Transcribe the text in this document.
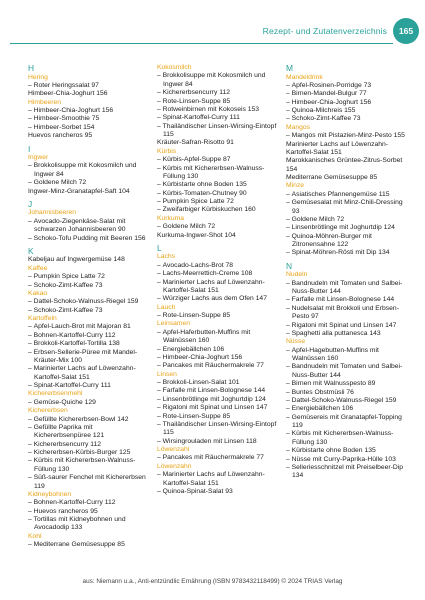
Rezept- und Zutatenverzeichnis	165
H
Hering
– Roter Heringssalat 97
Himbeer-Chia-Joghurt 156
Himbeeren
– Himbeer-Chia-Joghurt 156
– Himbeer-Smoothie 75
– Himbeer-Sorbet 154
Huevos rancheros 95
I
Ingwer
– Brokkolisuppe mit Kokosmilch und Ingwer 84
– Goldene Milch 72
Ingwer-Minz-Granatapfel-Saft 104
J
Johannisbeeren
– Avocado-Ziegenkäse-Salat mit schwarzen Johannisbeeren 90
– Schoko-Tofu Pudding mit Beeren 156
K
Kabeljau auf Ingwergemüse 148
Kaffee
– Pumpkin Spice Latte 72
– Schoko-Zimt-Kaffee 73
Kakao
– Dattel-Schoko-Walnuss-Riegel 159
– Schoko-Zimt-Kaffee 73
Kartoffeln
– Apfel-Lauch-Brot mit Majoran 81
– Bohnen-Kartoffel-Curry 112
– Brokkoli-Kartoffel-Tortilla 138
– Erbsen-Sellerie-Püree mit Mandel-Kräuter-Mix 100
– Marinierter Lachs auf Löwenzahn-Kartoffel-Salat 151
– Spinat-Kartoffel-Curry 111
Kichererbsenmehl
– Gemüse-Quiche 129
Kichererbsen
– Gefüllte Kichererbsen-Bowl 142
– Gefüllte Paprika mit Kichererbsenpüree 121
– Kichererbsencurry 112
– Kichererbsen-Kürbis-Burger 125
– Kürbis mit Kichererbsen-Walnuss-Füllung 130
– Süß-saurer Fenchel mit Kichererbsen 119
Kidneybohnen
– Bohnen-Kartoffel-Curry 112
– Huevos rancheros 95
– Tortillas mit Kidneybohnen und Avocadodip 133
Kohl
– Mediterrane Gemüsesuppe 85
Kokosmilch
– Brokkolisuppe mit Kokosmilch und Ingwer 84
– Kichererbsencurry 112
– Rote-Linsen-Suppe 85
– Rotweinbirnen mit Kokoseis 153
– Spinat-Kartoffel-Curry 111
– Thailändischer Linsen-Wirsing-Eintopf 115
Kräuter-Safran-Risotto 91
Kürbis
– Kürbis-Apfel-Suppe 87
– Kürbis mit Kichererbsen-Walnuss-Füllung 130
– Kürbistarte ohne Boden 135
– Kürbis-Tomaten-Chutney 90
– Pumpkin Spice Latte 72
– Zweifarbiger Kürbiskuchen 160
Kurkuma
– Goldene Milch 72
Kurkuma-Ingwer-Shot 104
L
Lachs
– Avocado-Lachs-Brot 78
– Lachs-Meerrettich-Creme 108
– Marinierter Lachs auf Löwenzahn-Kartoffel-Salat 151
– Würziger Lachs aus dem Ofen 147
Lauch
– Rote-Linsen-Suppe 85
Leinsamen
– Apfel-Haferbutten-Muffins mit Walnüssen 160
– Energiebällchen 106
– Himbeer-Chia-Joghurt 156
– Pancakes mit Räuchermakrele 77
Linsen
– Brokkoli-Linsen-Salat 101
– Farfalle mit Linsen-Bolognese 144
– Linsenbrötlinge mit Joghurtdip 124
– Rigatoni mit Spinat und Linsen 147
– Rote-Linsen-Suppe 85
– Thailändischer Linsen-Wirsing-Eintopf 115
– Wirsingrouladen mit Linsen 118
Löwenzahl
– Pancakes mit Räuchermakrele 77
Löwenzahn
– Marinierter Lachs auf Löwenzahn-Kartoffel-Salat 151
– Quinoa-Spinat-Salat 93
M
Mandeldrink
– Apfel-Rosinen-Porridge 73
– Birnen-Mandel-Bulgur 77
– Himbeer-Chia-Joghurt 156
– Quinoa-Milchreis 155
– Schoko-Zimt-Kaffee 73
Mangos
– Mangos mit Pistazien-Minz-Pesto 155
Marinierter Lachs auf Löwenzahn-Kartoffel-Salat 151
Marokkanisches Grüntee-Zitrus-Sorbet 154
Mediterrane Gemüsesuppe 85
Minze
– Asiatisches Pfannengemüse 115
– Gemüsesalat mit Minz-Chili-Dressing 93
– Goldene Milch 72
– Linsenbrötlinge mit Joghurtdip 124
– Quinoa-Möhren-Burger mit Zitronensahne 122
– Spinat-Möhren-Rösti mit Dip 134
N
Nudeln
– Bandnudeln mit Tomaten und Salbei-Nuss-Butter 144
– Farfalle mit Linsen-Bolognese 144
– Nudelsalat mit Brokkoli und Erbsen-Pesto 97
– Rigatoni mit Spinat und Linsen 147
– Spaghetti alla puttanesca 143
Nüsse
– Apfel-Hagebutten-Muffins mit Walnüssen 160
– Bandnudeln mit Tomaten und Salbei-Nuss-Butter 144
– Birnen mit Walnusspesto 89
– Buntes Obstmüsli 76
– Dattel-Schoko-Walnuss-Riegel 159
– Energiebällchen 106
– Gemüsereis mit Granatapfel-Topping 119
– Kürbis mit Kichererbsen-Walnuss-Füllung 130
– Kürbistarte ohne Boden 135
– Nüsse mit Curry-Paprika-Hülle 103
– Selleriesschnitzel mit Preiselbeer-Dip 134
aus: Niemann u.a., Anti-entzündlic Ernährung (ISBN 9783432118499) © 2024 TRIAS Verlag
